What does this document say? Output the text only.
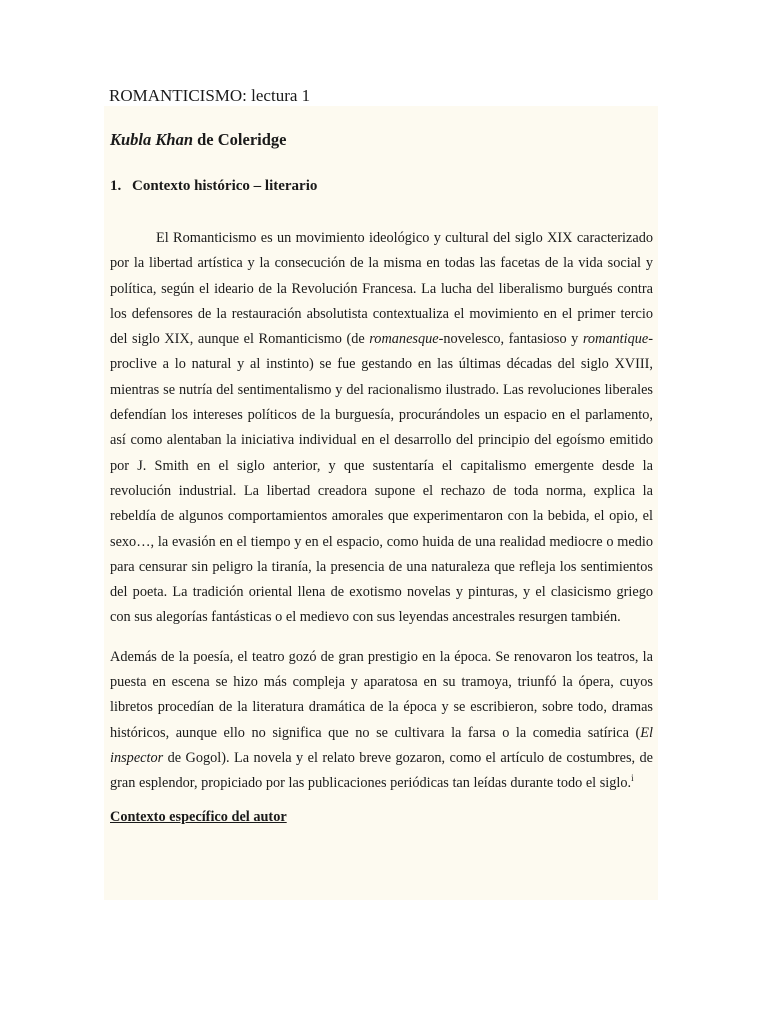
ROMANTICISMO: lectura 1
Kubla Khan de Coleridge
1. Contexto histórico – literario

El Romanticismo es un movimiento ideológico y cultural del siglo XIX caracterizado por la libertad artística y la consecución de la misma en todas las facetas de la vida social y política, según el ideario de la Revolución Francesa. La lucha del liberalismo burgués contra los defensores de la restauración absolutista contextualiza el movimiento en el primer tercio del siglo XIX, aunque el Romanticismo (de romanesque-novelesco, fantasioso y romantique-proclive a lo natural y al instinto) se fue gestando en las últimas décadas del siglo XVIII, mientras se nutría del sentimentalismo y del racionalismo ilustrado. Las revoluciones liberales defendían los intereses políticos de la burguesía, procurándoles un espacio en el parlamento, así como alentaban la iniciativa individual en el desarrollo del principio del egoísmo emitido por J. Smith en el siglo anterior, y que sustentaría el capitalismo emergente desde la revolución industrial. La libertad creadora supone el rechazo de toda norma, explica la rebeldía de algunos comportamientos amorales que experimentaron con la bebida, el opio, el sexo…, la evasión en el tiempo y en el espacio, como huida de una realidad mediocre o medio para censurar sin peligro la tiranía, la presencia de una naturaleza que refleja los sentimientos del poeta. La tradición oriental llena de exotismo novelas y pinturas, y el clasicismo griego con sus alegorías fantásticas o el medievo con sus leyendas ancestrales resurgen también.

Además de la poesía, el teatro gozó de gran prestigio en la época. Se renovaron los teatros, la puesta en escena se hizo más compleja y aparatosa en su tramoya, triunfó la ópera, cuyos libretos procedían de la literatura dramática de la época y se escribieron, sobre todo, dramas históricos, aunque ello no significa que no se cultivara la farsa o la comedia satírica (El inspector de Gogol). La novela y el relato breve gozaron, como el artículo de costumbres, de gran esplendor, propiciado por las publicaciones periódicas tan leídas durante todo el siglo.$^i$

Contexto específico del autor
